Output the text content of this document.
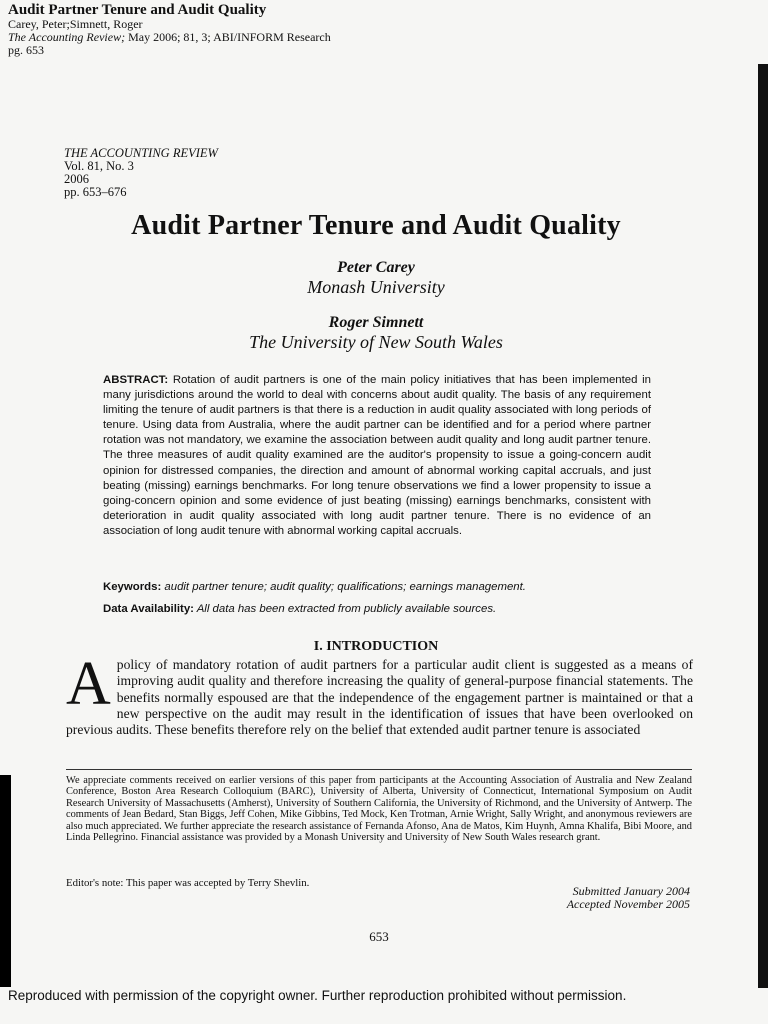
Audit Partner Tenure and Audit Quality
Carey, Peter;Simnett, Roger
The Accounting Review; May 2006; 81, 3; ABI/INFORM Research
pg. 653
THE ACCOUNTING REVIEW
Vol. 81, No. 3
2006
pp. 653–676
Audit Partner Tenure and Audit Quality
Peter Carey
Monash University
Roger Simnett
The University of New South Wales
ABSTRACT: Rotation of audit partners is one of the main policy initiatives that has been implemented in many jurisdictions around the world to deal with concerns about audit quality. The basis of any requirement limiting the tenure of audit partners is that there is a reduction in audit quality associated with long periods of tenure. Using data from Australia, where the audit partner can be identified and for a period where partner rotation was not mandatory, we examine the association between audit quality and long audit partner tenure. The three measures of audit quality examined are the auditor's propensity to issue a going-concern audit opinion for distressed companies, the direction and amount of abnormal working capital accruals, and just beating (missing) earnings benchmarks. For long tenure observations we find a lower propensity to issue a going-concern opinion and some evidence of just beating (missing) earnings benchmarks, consistent with deterioration in audit quality associated with long audit partner tenure. There is no evidence of an association of long audit tenure with abnormal working capital accruals.
Keywords: audit partner tenure; audit quality; qualifications; earnings management.
Data Availability: All data has been extracted from publicly available sources.
I. INTRODUCTION
A policy of mandatory rotation of audit partners for a particular audit client is suggested as a means of improving audit quality and therefore increasing the quality of general-purpose financial statements. The benefits normally espoused are that the independence of the engagement partner is maintained or that a new perspective on the audit may result in the identification of issues that have been overlooked on previous audits. These benefits therefore rely on the belief that extended audit partner tenure is associated
We appreciate comments received on earlier versions of this paper from participants at the Accounting Association of Australia and New Zealand Conference, Boston Area Research Colloquium (BARC), University of Alberta, University of Connecticut, International Symposium on Audit Research University of Massachusetts (Amherst), University of Southern California, the University of Richmond, and the University of Antwerp. The comments of Jean Bedard, Stan Biggs, Jeff Cohen, Mike Gibbins, Ted Mock, Ken Trotman, Arnie Wright, Sally Wright, and anonymous reviewers are also much appreciated. We further appreciate the research assistance of Fernanda Afonso, Ana de Matos, Kim Huynh, Amna Khalifa, Bibi Moore, and Linda Pellegrino. Financial assistance was provided by a Monash University and University of New South Wales research grant.
Editor's note: This paper was accepted by Terry Shevlin.
Submitted January 2004
Accepted November 2005
653
Reproduced with permission of the copyright owner. Further reproduction prohibited without permission.
